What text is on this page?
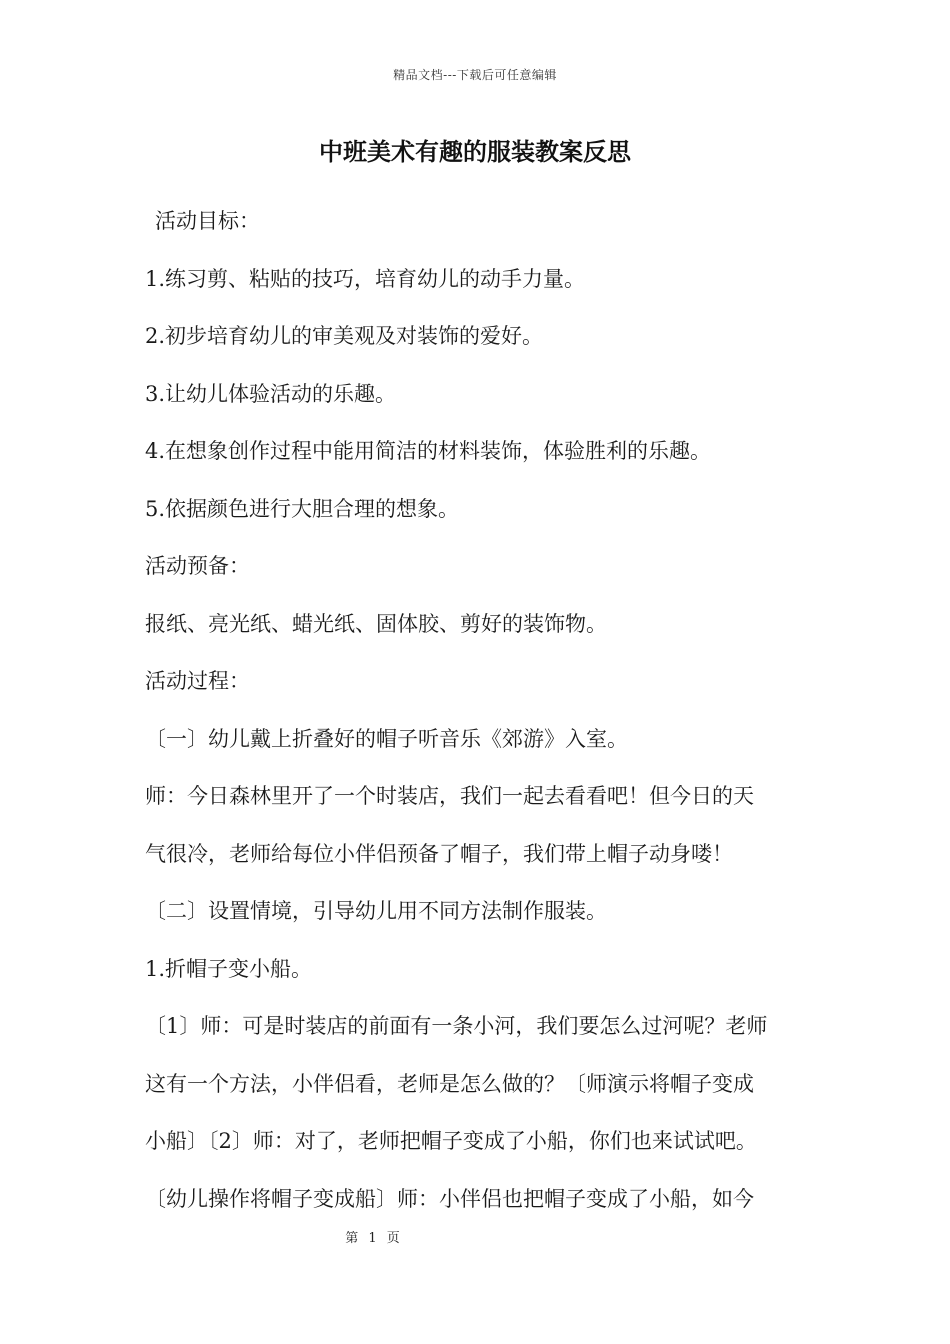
精品文档---下载后可任意编辑
中班美术有趣的服装教案反思
活动目标：
1.练习剪、粘贴的技巧，培育幼儿的动手力量。
2.初步培育幼儿的审美观及对装饰的爱好。
3.让幼儿体验活动的乐趣。
4.在想象创作过程中能用简洁的材料装饰，体验胜利的乐趣。
5.依据颜色进行大胆合理的想象。
活动预备：
报纸、亮光纸、蜡光纸、固体胶、剪好的装饰物。
活动过程：
〔一〕幼儿戴上折叠好的帽子听音乐《郊游》入室。
师：今日森林里开了一个时装店，我们一起去看看吧！但今日的天
气很冷，老师给每位小伴侣预备了帽子，我们带上帽子动身喽！
〔二〕设置情境，引导幼儿用不同方法制作服装。
1.折帽子变小船。
〔1〕师：可是时装店的前面有一条小河，我们要怎么过河呢？老师
这有一个方法，小伴侣看，老师是怎么做的？〔师演示将帽子变成
小船〕〔2〕师：对了，老师把帽子变成了小船，你们也来试试吧。
〔幼儿操作将帽子变成船〕师：小伴侣也把帽子变成了小船，如今
第 1 页
